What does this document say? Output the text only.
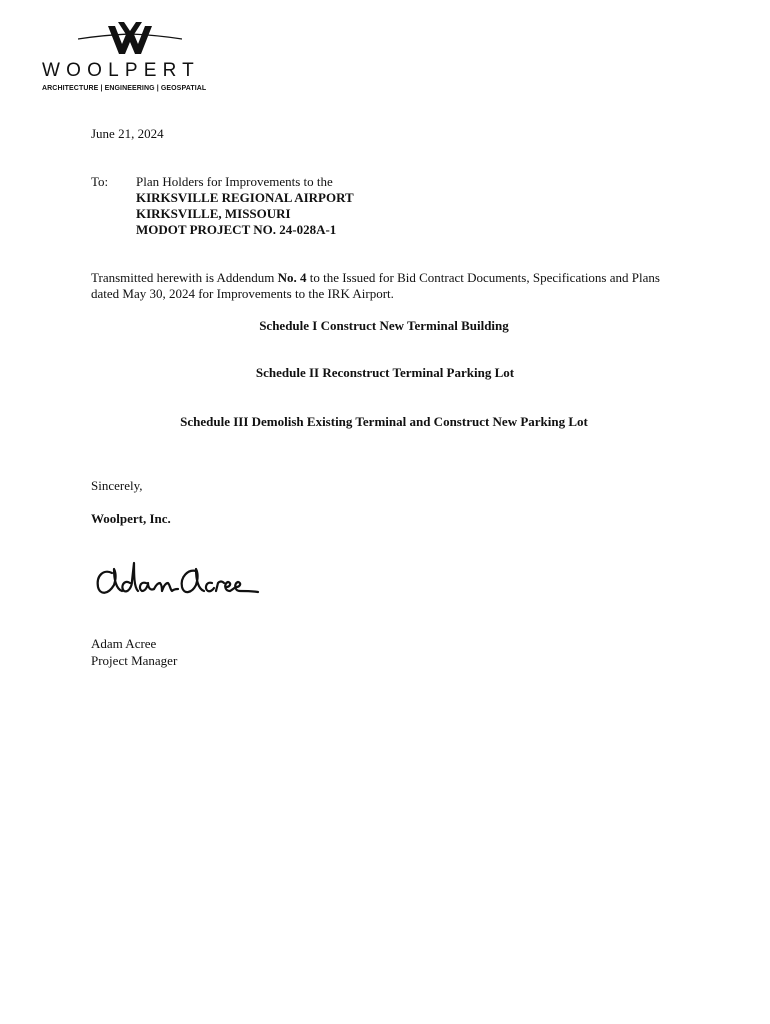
WOOLPERT
ARCHITECTURE | ENGINEERING | GEOSPATIAL
June 21, 2024
To: Plan Holders for Improvements to the
KIRKSVILLE REGIONAL AIRPORT
KIRKSVILLE, MISSOURI
MODOT PROJECT NO. 24-028A-1
Transmitted herewith is Addendum No. 4 to the Issued for Bid Contract Documents, Specifications and Plans
dated May 30, 2024 for Improvements to the IRK Airport.
Schedule I Construct New Terminal Building
Schedule II Reconstruct Terminal Parking Lot
Schedule III Demolish Existing Terminal and Construct New Parking Lot
Sincerely,
Woolpert, Inc.
Adam Acree
Project Manager
